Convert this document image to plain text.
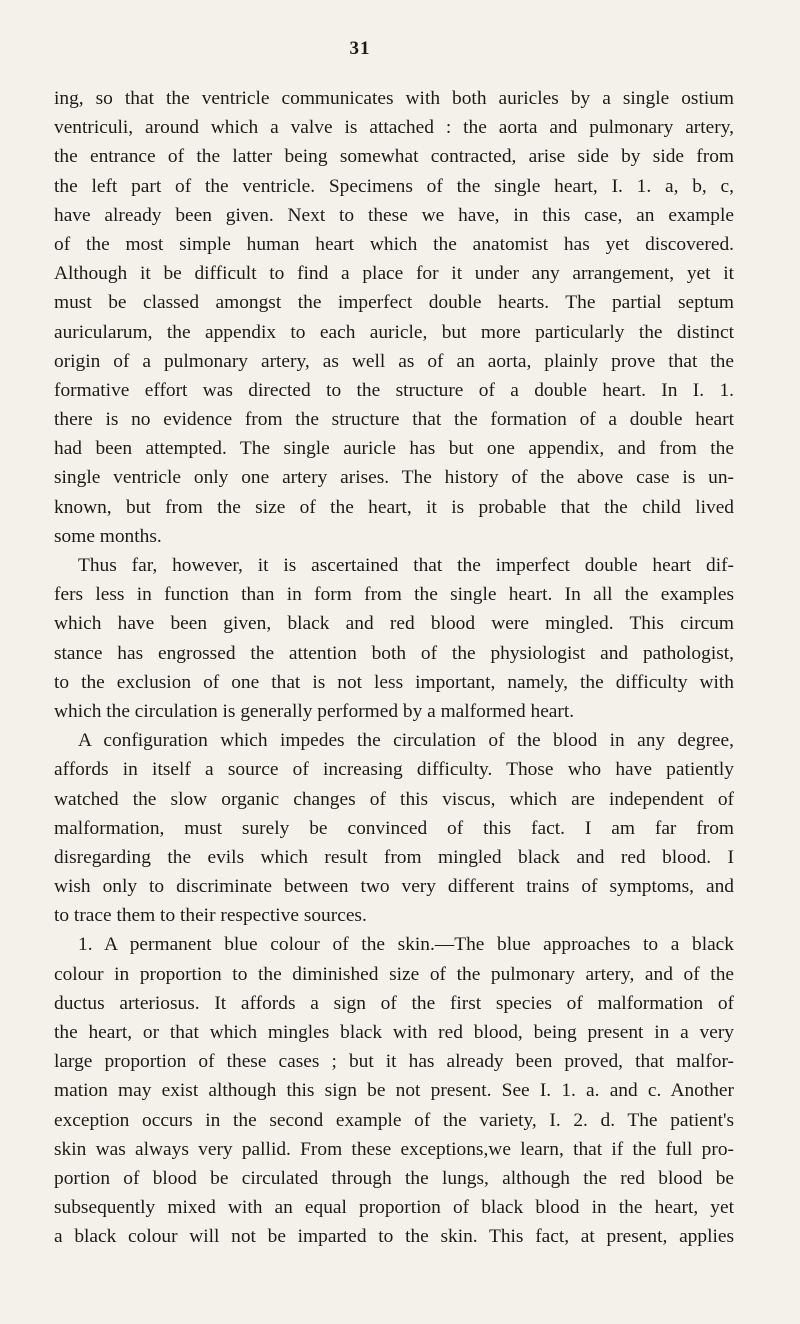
31
ing, so that the ventricle communicates with both auricles by a single ostium
ventriculi, around which a valve is attached : the aorta and pulmonary artery,
the entrance of the latter being somewhat contracted, arise side by side from
the left part of the ventricle. Specimens of the single heart, I. 1. a, b, c,
have already been given. Next to these we have, in this case, an example
of the most simple human heart which the anatomist has yet discovered.
Although it be difficult to find a place for it under any arrangement, yet it
must be classed amongst the imperfect double hearts. The partial septum
auricularum, the appendix to each auricle, but more particularly the distinct
origin of a pulmonary artery, as well as of an aorta, plainly prove that the
formative effort was directed to the structure of a double heart. In I. 1.
there is no evidence from the structure that the formation of a double heart
had been attempted. The single auricle has but one appendix, and from the
single ventricle only one artery arises. The history of the above case is un-
known, but from the size of the heart, it is probable that the child lived
some months.
Thus far, however, it is ascertained that the imperfect double heart dif-
fers less in function than in form from the single heart. In all the examples
which have been given, black and red blood were mingled. This circum
stance has engrossed the attention both of the physiologist and pathologist,
to the exclusion of one that is not less important, namely, the difficulty with
which the circulation is generally performed by a malformed heart.
A configuration which impedes the circulation of the blood in any degree,
affords in itself a source of increasing difficulty. Those who have patiently
watched the slow organic changes of this viscus, which are independent of
malformation, must surely be convinced of this fact. I am far from
disregarding the evils which result from mingled black and red blood. I
wish only to discriminate between two very different trains of symptoms, and
to trace them to their respective sources.
1. A permanent blue colour of the skin.—The blue approaches to a black
colour in proportion to the diminished size of the pulmonary artery, and of the
ductus arteriosus. It affords a sign of the first species of malformation of
the heart, or that which mingles black with red blood, being present in a very
large proportion of these cases ; but it has already been proved, that malfor-
mation may exist although this sign be not present. See I. 1. a. and c. Another
exception occurs in the second example of the variety, I. 2. d. The patient's
skin was always very pallid. From these exceptions,we learn, that if the full pro-
portion of blood be circulated through the lungs, although the red blood be
subsequently mixed with an equal proportion of black blood in the heart, yet
a black colour will not be imparted to the skin. This fact, at present, applies
